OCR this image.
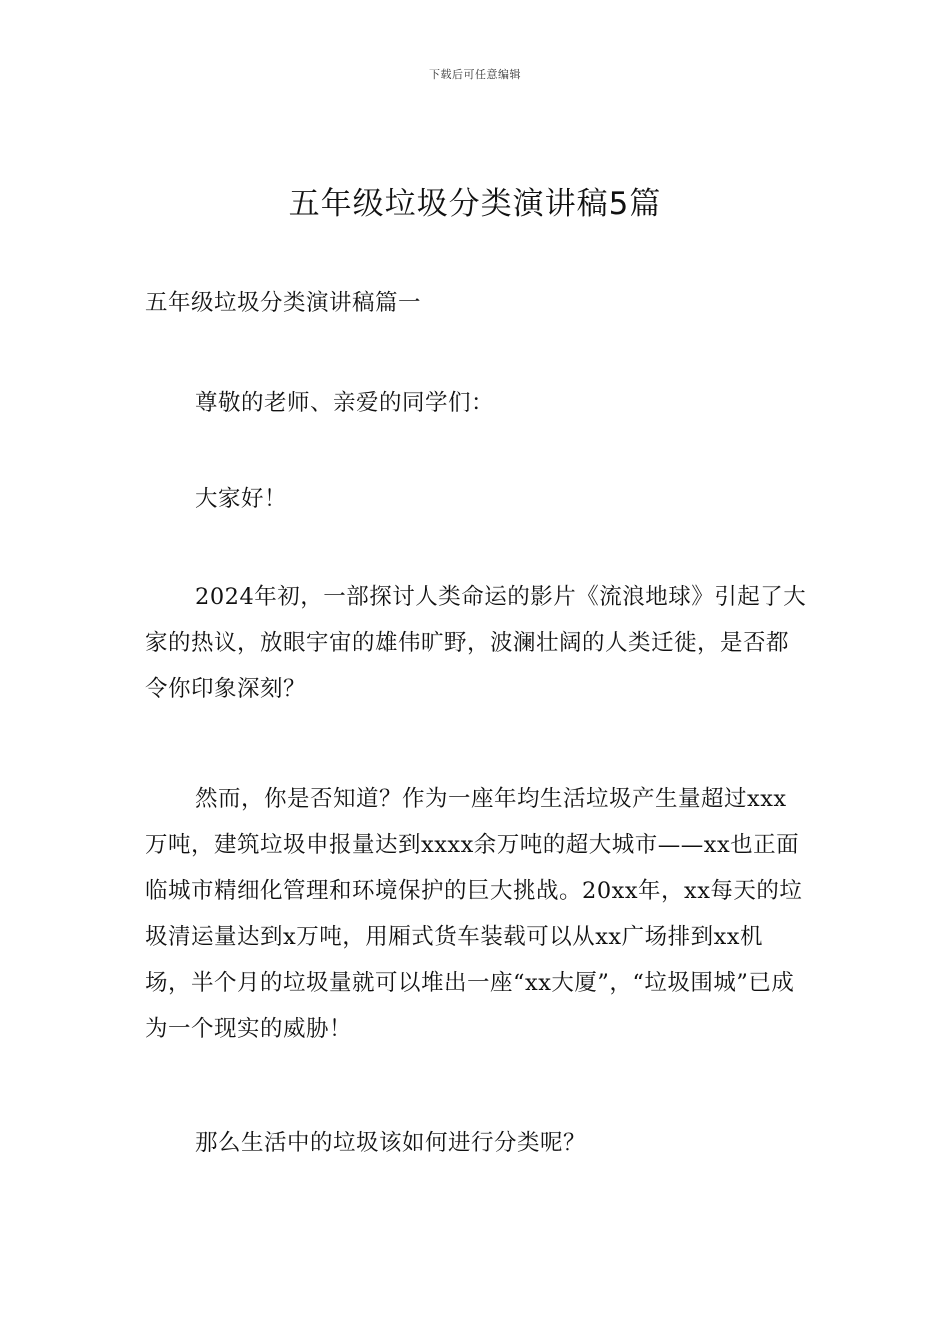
下载后可任意编辑
五年级垃圾分类演讲稿5篇

五年级垃圾分类演讲稿篇一

尊敬的老师、亲爱的同学们：

大家好！

2024年初，一部探讨人类命运的影片《流浪地球》引起了大家的热议，放眼宇宙的雄伟旷野，波澜壮阔的人类迁徙，是否都令你印象深刻？

然而，你是否知道？作为一座年均生活垃圾产生量超过xxx万吨，建筑垃圾申报量达到xxxx余万吨的超大城市——xx也正面临城市精细化管理和环境保护的巨大挑战。20xx年，xx每天的垃圾清运量达到x万吨，用厢式货车装载可以从xx广场排到xx机场，半个月的垃圾量就可以堆出一座“xx大厦”，“垃圾围城”已成为一个现实的威胁！

那么生活中的垃圾该如何进行分类呢？
